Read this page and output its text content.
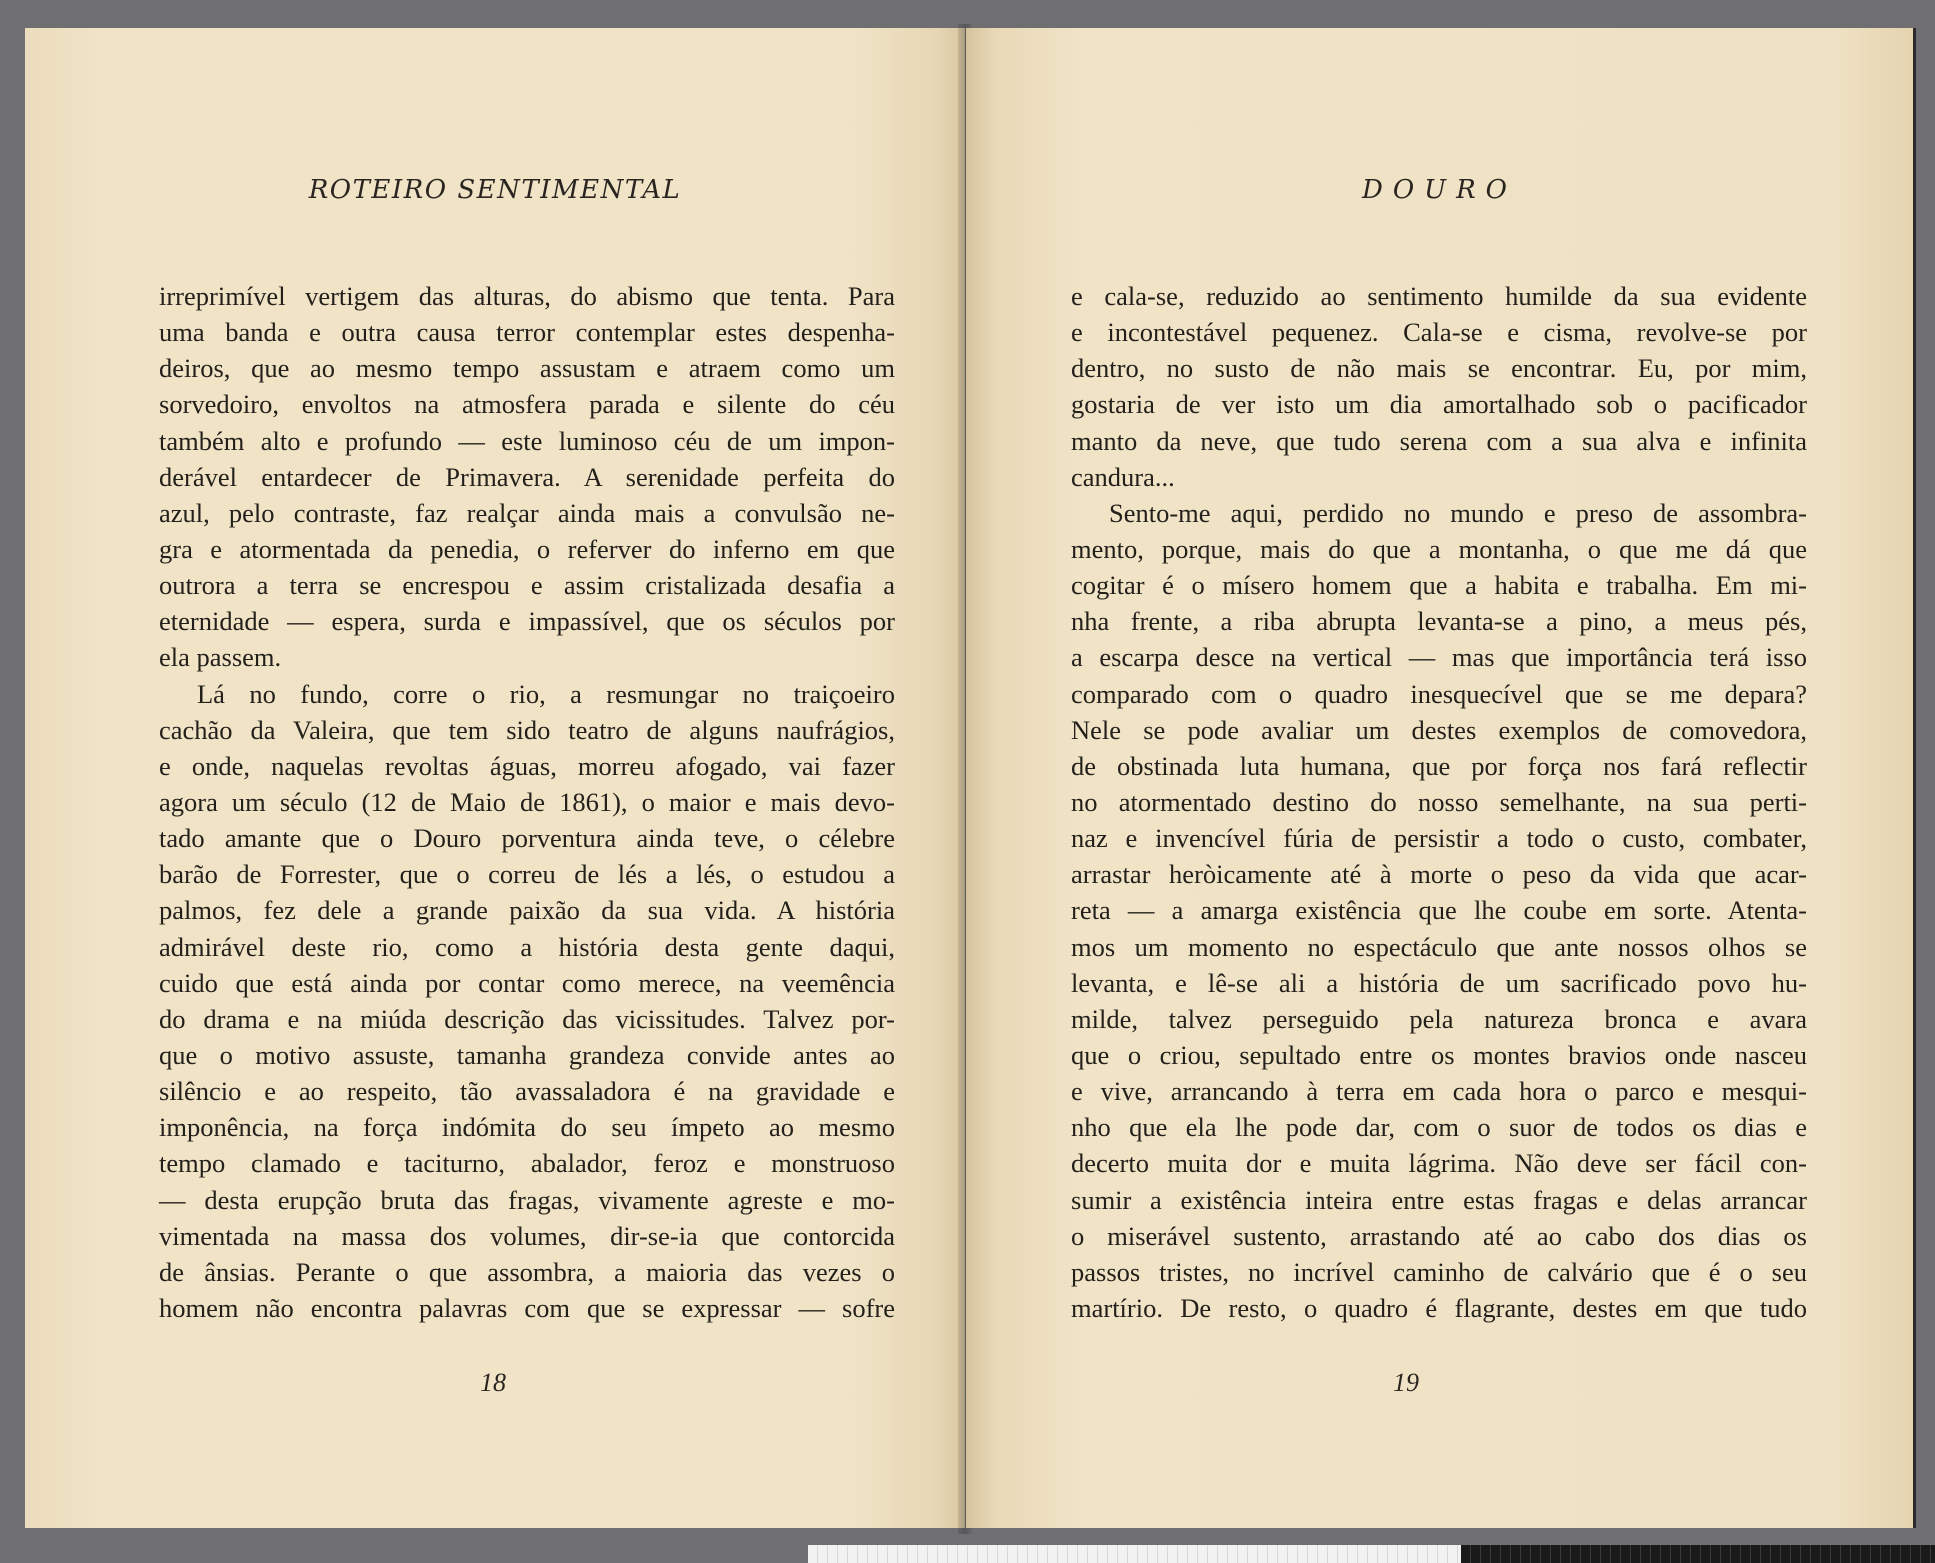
ROTEIRO SENTIMENTAL
irreprimível vertigem das alturas, do abismo que tenta. Para
uma banda e outra causa terror contemplar estes despenha-
deiros, que ao mesmo tempo assustam e atraem como um
sorvedoiro, envoltos na atmosfera parada e silente do céu
também alto e profundo — este luminoso céu de um impon-
derável entardecer de Primavera. A serenidade perfeita do
azul, pelo contraste, faz realçar ainda mais a convulsão ne-
gra e atormentada da penedia, o referver do inferno em que
outrora a terra se encrespou e assim cristalizada desafia a
eternidade — espera, surda e impassível, que os séculos por
ela passem.
Lá no fundo, corre o rio, a resmungar no traiçoeiro
cachão da Valeira, que tem sido teatro de alguns naufrágios,
e onde, naquelas revoltas águas, morreu afogado, vai fazer
agora um século (12 de Maio de 1861), o maior e mais devo-
tado amante que o Douro porventura ainda teve, o célebre
barão de Forrester, que o correu de lés a lés, o estudou a
palmos, fez dele a grande paixão da sua vida. A história
admirável deste rio, como a história desta gente daqui,
cuido que está ainda por contar como merece, na veemência
do drama e na miúda descrição das vicissitudes. Talvez por-
que o motivo assuste, tamanha grandeza convide antes ao
silêncio e ao respeito, tão avassaladora é na gravidade e
imponência, na força indómita do seu ímpeto ao mesmo
tempo clamado e taciturno, abalador, feroz e monstruoso
— desta erupção bruta das fragas, vivamente agreste e mo-
vimentada na massa dos volumes, dir-se-ia que contorcida
de ânsias. Perante o que assombra, a maioria das vezes o
homem não encontra palavras com que se expressar — sofre
18
DOURO
e cala-se, reduzido ao sentimento humilde da sua evidente
e incontestável pequenez. Cala-se e cisma, revolve-se por
dentro, no susto de não mais se encontrar. Eu, por mim,
gostaria de ver isto um dia amortalhado sob o pacificador
manto da neve, que tudo serena com a sua alva e infinita
candura...
Sento-me aqui, perdido no mundo e preso de assombra-
mento, porque, mais do que a montanha, o que me dá que
cogitar é o mísero homem que a habita e trabalha. Em mi-
nha frente, a riba abrupta levanta-se a pino, a meus pés,
a escarpa desce na vertical — mas que importância terá isso
comparado com o quadro inesquecível que se me depara?
Nele se pode avaliar um destes exemplos de comovedora,
de obstinada luta humana, que por força nos fará reflectir
no atormentado destino do nosso semelhante, na sua perti-
naz e invencível fúria de persistir a todo o custo, combater,
arrastar heròicamente até à morte o peso da vida que acar-
reta — a amarga existência que lhe coube em sorte. Atenta-
mos um momento no espectáculo que ante nossos olhos se
levanta, e lê-se ali a história de um sacrificado povo hu-
milde, talvez perseguido pela natureza bronca e avara
que o criou, sepultado entre os montes bravios onde nasceu
e vive, arrancando à terra em cada hora o parco e mesqui-
nho que ela lhe pode dar, com o suor de todos os dias e
decerto muita dor e muita lágrima. Não deve ser fácil con-
sumir a existência inteira entre estas fragas e delas arrancar
o miserável sustento, arrastando até ao cabo dos dias os
passos tristes, no incrível caminho de calvário que é o seu
martírio. De resto, o quadro é flagrante, destes em que tudo
19
